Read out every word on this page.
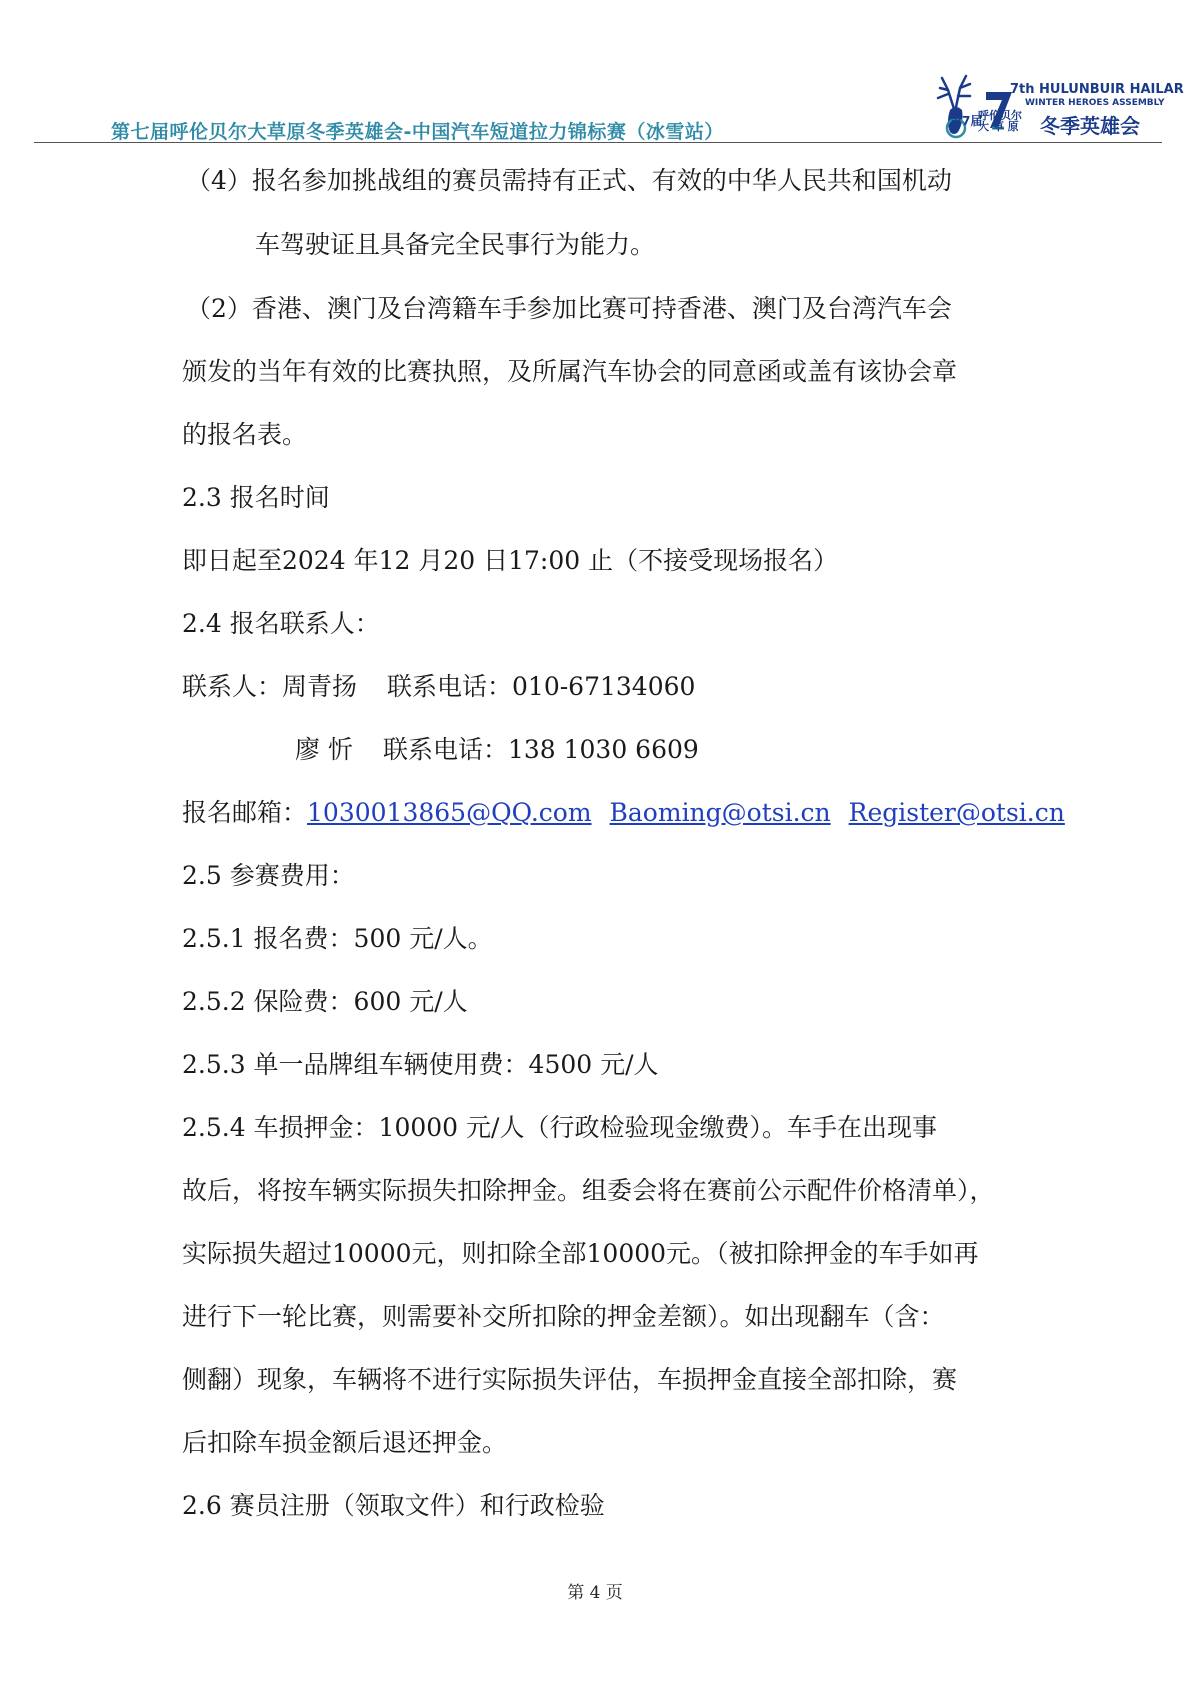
第七届呼伦贝尔大草原冬季英雄会-中国汽车短道拉力锦标赛（冰雪站）
7th HULUNBUIR HAILAR
WINTER HEROES ASSEMBLY
呼伦贝尔
大 草 原 冬季英雄会
第7届
（4）报名参加挑战组的赛员需持有正式、有效的中华人民共和国机动
车驾驶证且具备完全民事行为能力。
（2）香港、澳门及台湾籍车手参加比赛可持香港、澳门及台湾汽车会
颁发的当年有效的比赛执照，及所属汽车协会的同意函或盖有该协会章
的报名表。
2.3 报名时间
即日起至2024 年12 月20 日17:00 止（不接受现场报名）
2.4 报名联系人：
联系人：周青扬 联系电话：010-67134060
廖 忻 联系电话：138 1030 6609
报名邮箱：1030013865@QQ.com Baoming@otsi.cn Register@otsi.cn
2.5 参赛费用：
2.5.1 报名费：500 元/人。
2.5.2 保险费：600 元/人
2.5.3 单一品牌组车辆使用费：4500 元/人
2.5.4 车损押金：10000 元/人（行政检验现金缴费）。车手在出现事
故后，将按车辆实际损失扣除押金。组委会将在赛前公示配件价格清单），
实际损失超过10000元，则扣除全部10000元。（被扣除押金的车手如再
进行下一轮比赛，则需要补交所扣除的押金差额）。如出现翻车（含：
侧翻）现象，车辆将不进行实际损失评估，车损押金直接全部扣除，赛
后扣除车损金额后退还押金。
2.6 赛员注册（领取文件）和行政检验
第 4 页
